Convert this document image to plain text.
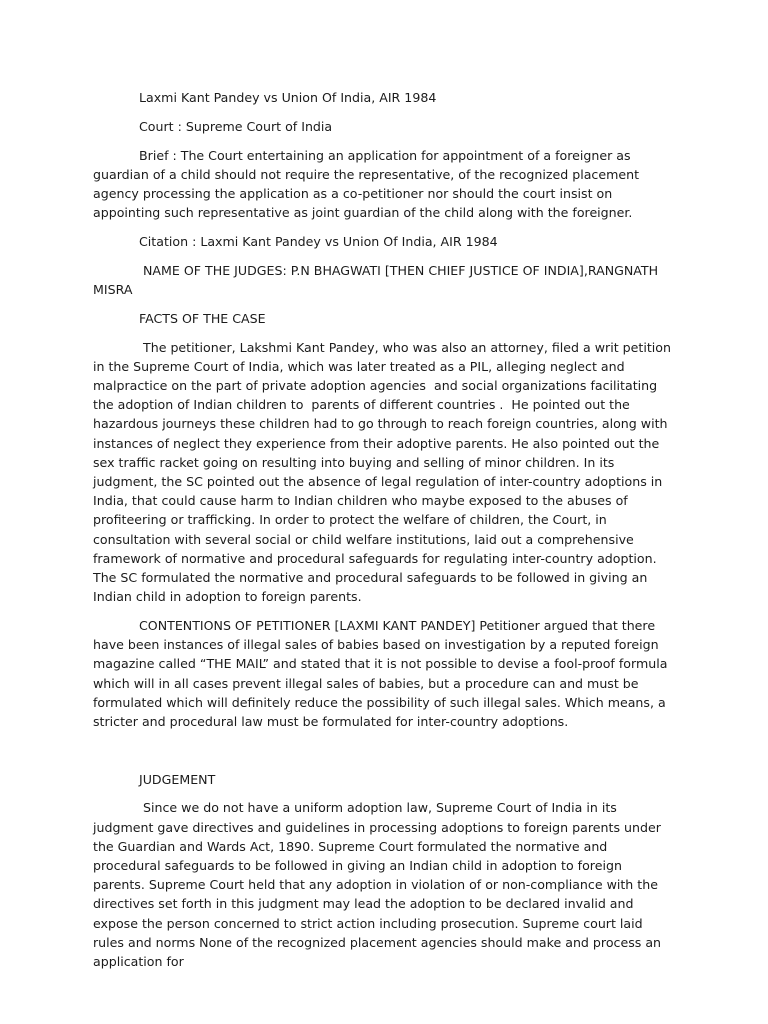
Laxmi Kant Pandey vs Union Of India, AIR 1984

Court : Supreme Court of India

Brief : The Court entertaining an application for appointment of a foreigner as guardian of a child should not require the representative, of the recognized placement agency processing the application as a co-petitioner nor should the court insist on appointing such representative as joint guardian of the child along with the foreigner.

Citation : Laxmi Kant Pandey vs Union Of India, AIR 1984

NAME OF THE JUDGES: P.N BHAGWATI [THEN CHIEF JUSTICE OF INDIA],RANGNATH MISRA

FACTS OF THE CASE

The petitioner, Lakshmi Kant Pandey, who was also an attorney, filed a writ petition in the Supreme Court of India, which was later treated as a PIL, alleging neglect and malpractice on the part of private adoption agencies  and social organizations facilitating the adoption of Indian children to  parents of different countries .  He pointed out the hazardous journeys these children had to go through to reach foreign countries, along with instances of neglect they experience from their adoptive parents. He also pointed out the sex traffic racket going on resulting into buying and selling of minor children. In its judgment, the SC pointed out the absence of legal regulation of inter-country adoptions in India, that could cause harm to Indian children who maybe exposed to the abuses of profiteering or trafficking. In order to protect the welfare of children, the Court, in consultation with several social or child welfare institutions, laid out a comprehensive framework of normative and procedural safeguards for regulating inter-country adoption. The SC formulated the normative and procedural safeguards to be followed in giving an Indian child in adoption to foreign parents.

CONTENTIONS OF PETITIONER [LAXMI KANT PANDEY] Petitioner argued that there have been instances of illegal sales of babies based on investigation by a reputed foreign magazine called “THE MAIL” and stated that it is not possible to devise a fool-proof formula which will in all cases prevent illegal sales of babies, but a procedure can and must be formulated which will definitely reduce the possibility of such illegal sales. Which means, a stricter and procedural law must be formulated for inter-country adoptions.

JUDGEMENT

Since we do not have a uniform adoption law, Supreme Court of India in its judgment gave directives and guidelines in processing adoptions to foreign parents under the Guardian and Wards Act, 1890. Supreme Court formulated the normative and procedural safeguards to be followed in giving an Indian child in adoption to foreign parents. Supreme Court held that any adoption in violation of or non-compliance with the directives set forth in this judgment may lead the adoption to be declared invalid and expose the person concerned to strict action including prosecution. Supreme court laid rules and norms None of the recognized placement agencies should make and process an application for
